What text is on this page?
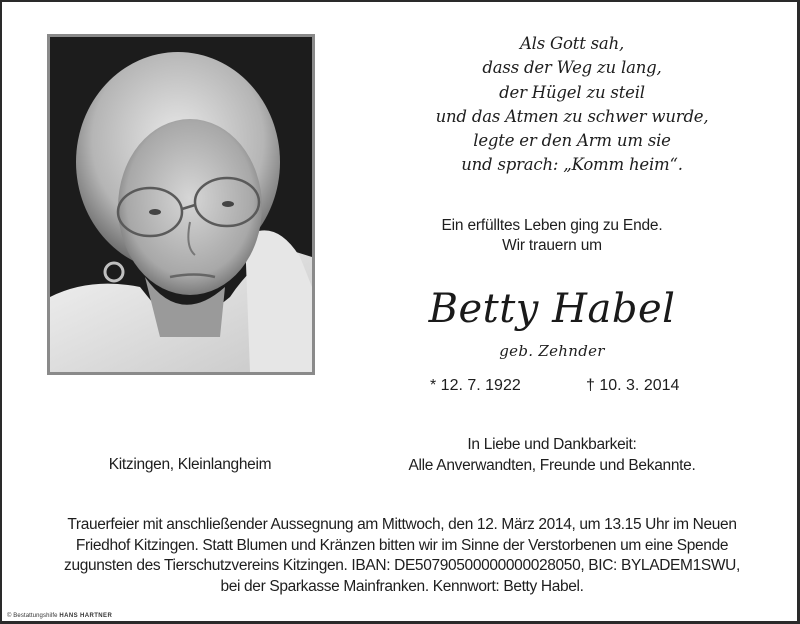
Als Gott sah,
dass der Weg zu lang,
der Hügel zu steil
und das Atmen zu schwer wurde,
legte er den Arm um sie
und sprach: „Komm heim“.
Ein erfülltes Leben ging zu Ende.
Wir trauern um
Betty Habel
geb. Zehnder
* 12. 7. 1922	† 10. 3. 2014
Kitzingen, Kleinlangheim
In Liebe und Dankbarkeit:
Alle Anverwandten, Freunde und Bekannte.
Trauerfeier mit anschließender Aussegnung am Mittwoch, den 12. März 2014, um 13.15 Uhr im Neuen
Friedhof Kitzingen. Statt Blumen und Kränzen bitten wir im Sinne der Verstorbenen um eine Spende
zugunsten des Tierschutzvereins Kitzingen. IBAN: DE50790500000000028050, BIC: BYLADEM1SWU,
bei der Sparkasse Mainfranken. Kennwort: Betty Habel.
© Bestattungshilfe HANS HARTNER
